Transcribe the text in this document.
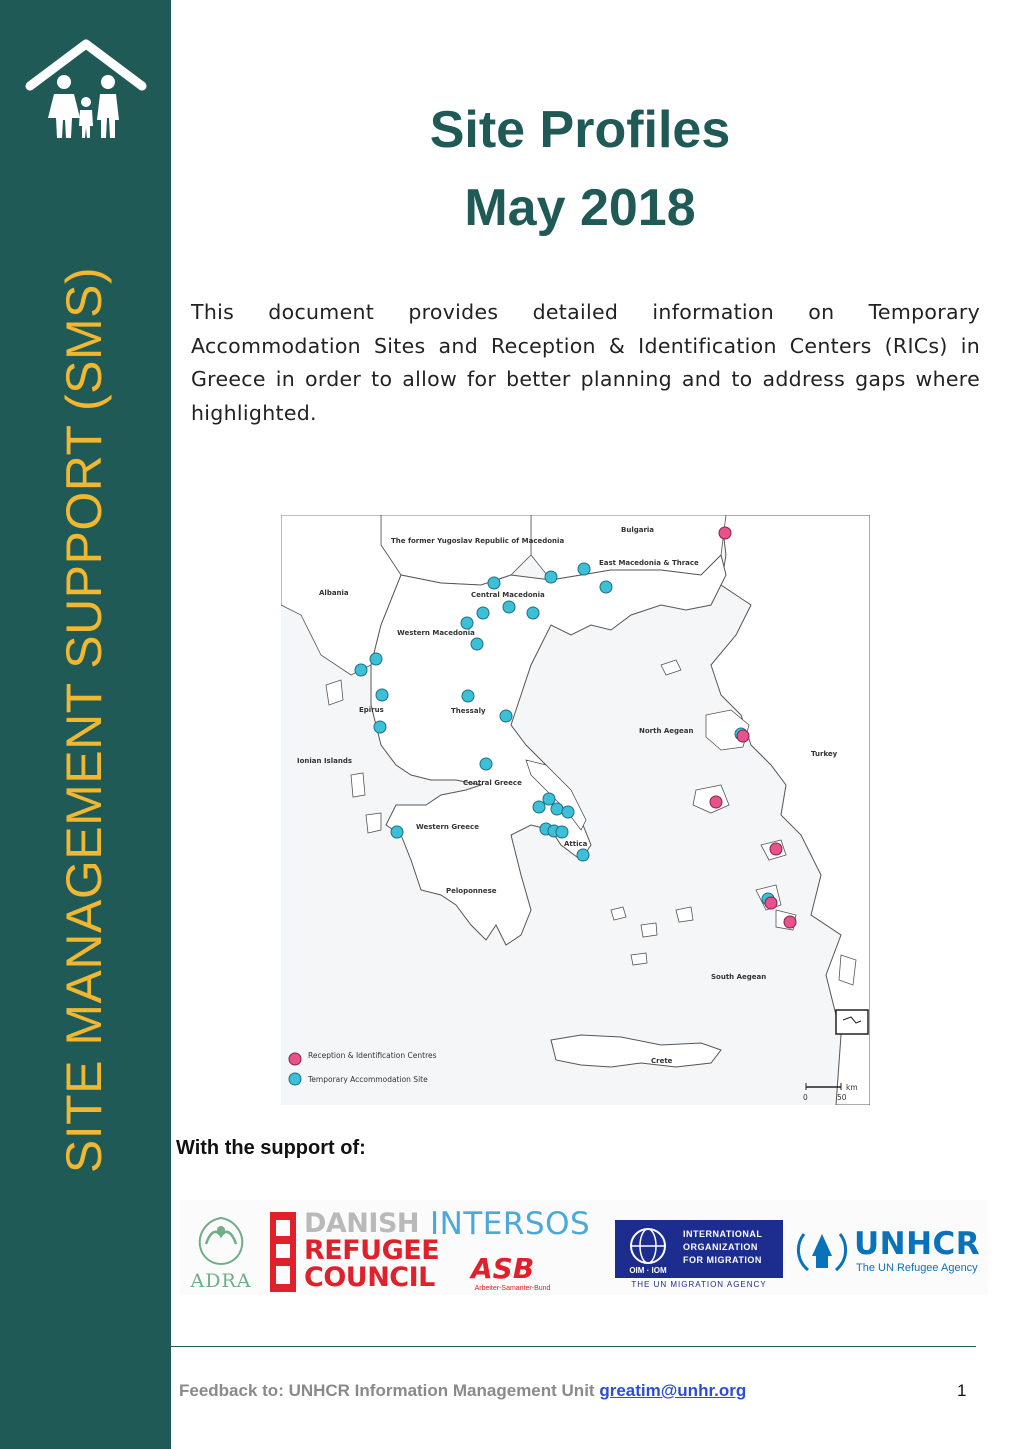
SITE MANAGEMENT SUPPORT (SMS)
Site Profiles
May 2018

This document provides detailed information on Temporary Accommodation Sites and Reception & Identification Centers (RICs) in Greece in order to allow for better planning and to address gaps where highlighted.

Bulgaria
The former Yugoslav Republic of Macedonia
Albania
Turkey
East Macedonia & Thrace
Central Macedonia
Western Macedonia
Epirus	Thessaly
North Aegean
Ionian Islands
Central Greece
Western Greece
Attica
Peloponnese
South Aegean
Crete
Reception & Identification Centres
Temporary Accommodation Site
0	50
km
With the support of:
ADRA
DANISH
REFUGEE
COUNCIL
INTERSOS
ASB
Arbeiter-Samariter-Bund
OIM · IOM
INTERNATIONAL
ORGANIZATION
FOR MIGRATION
THE UN MIGRATION AGENCY
UNHCR
The UN Refugee Agency
Feedback to: UNHCR Information Management Unit greatim@unhr.org	1
